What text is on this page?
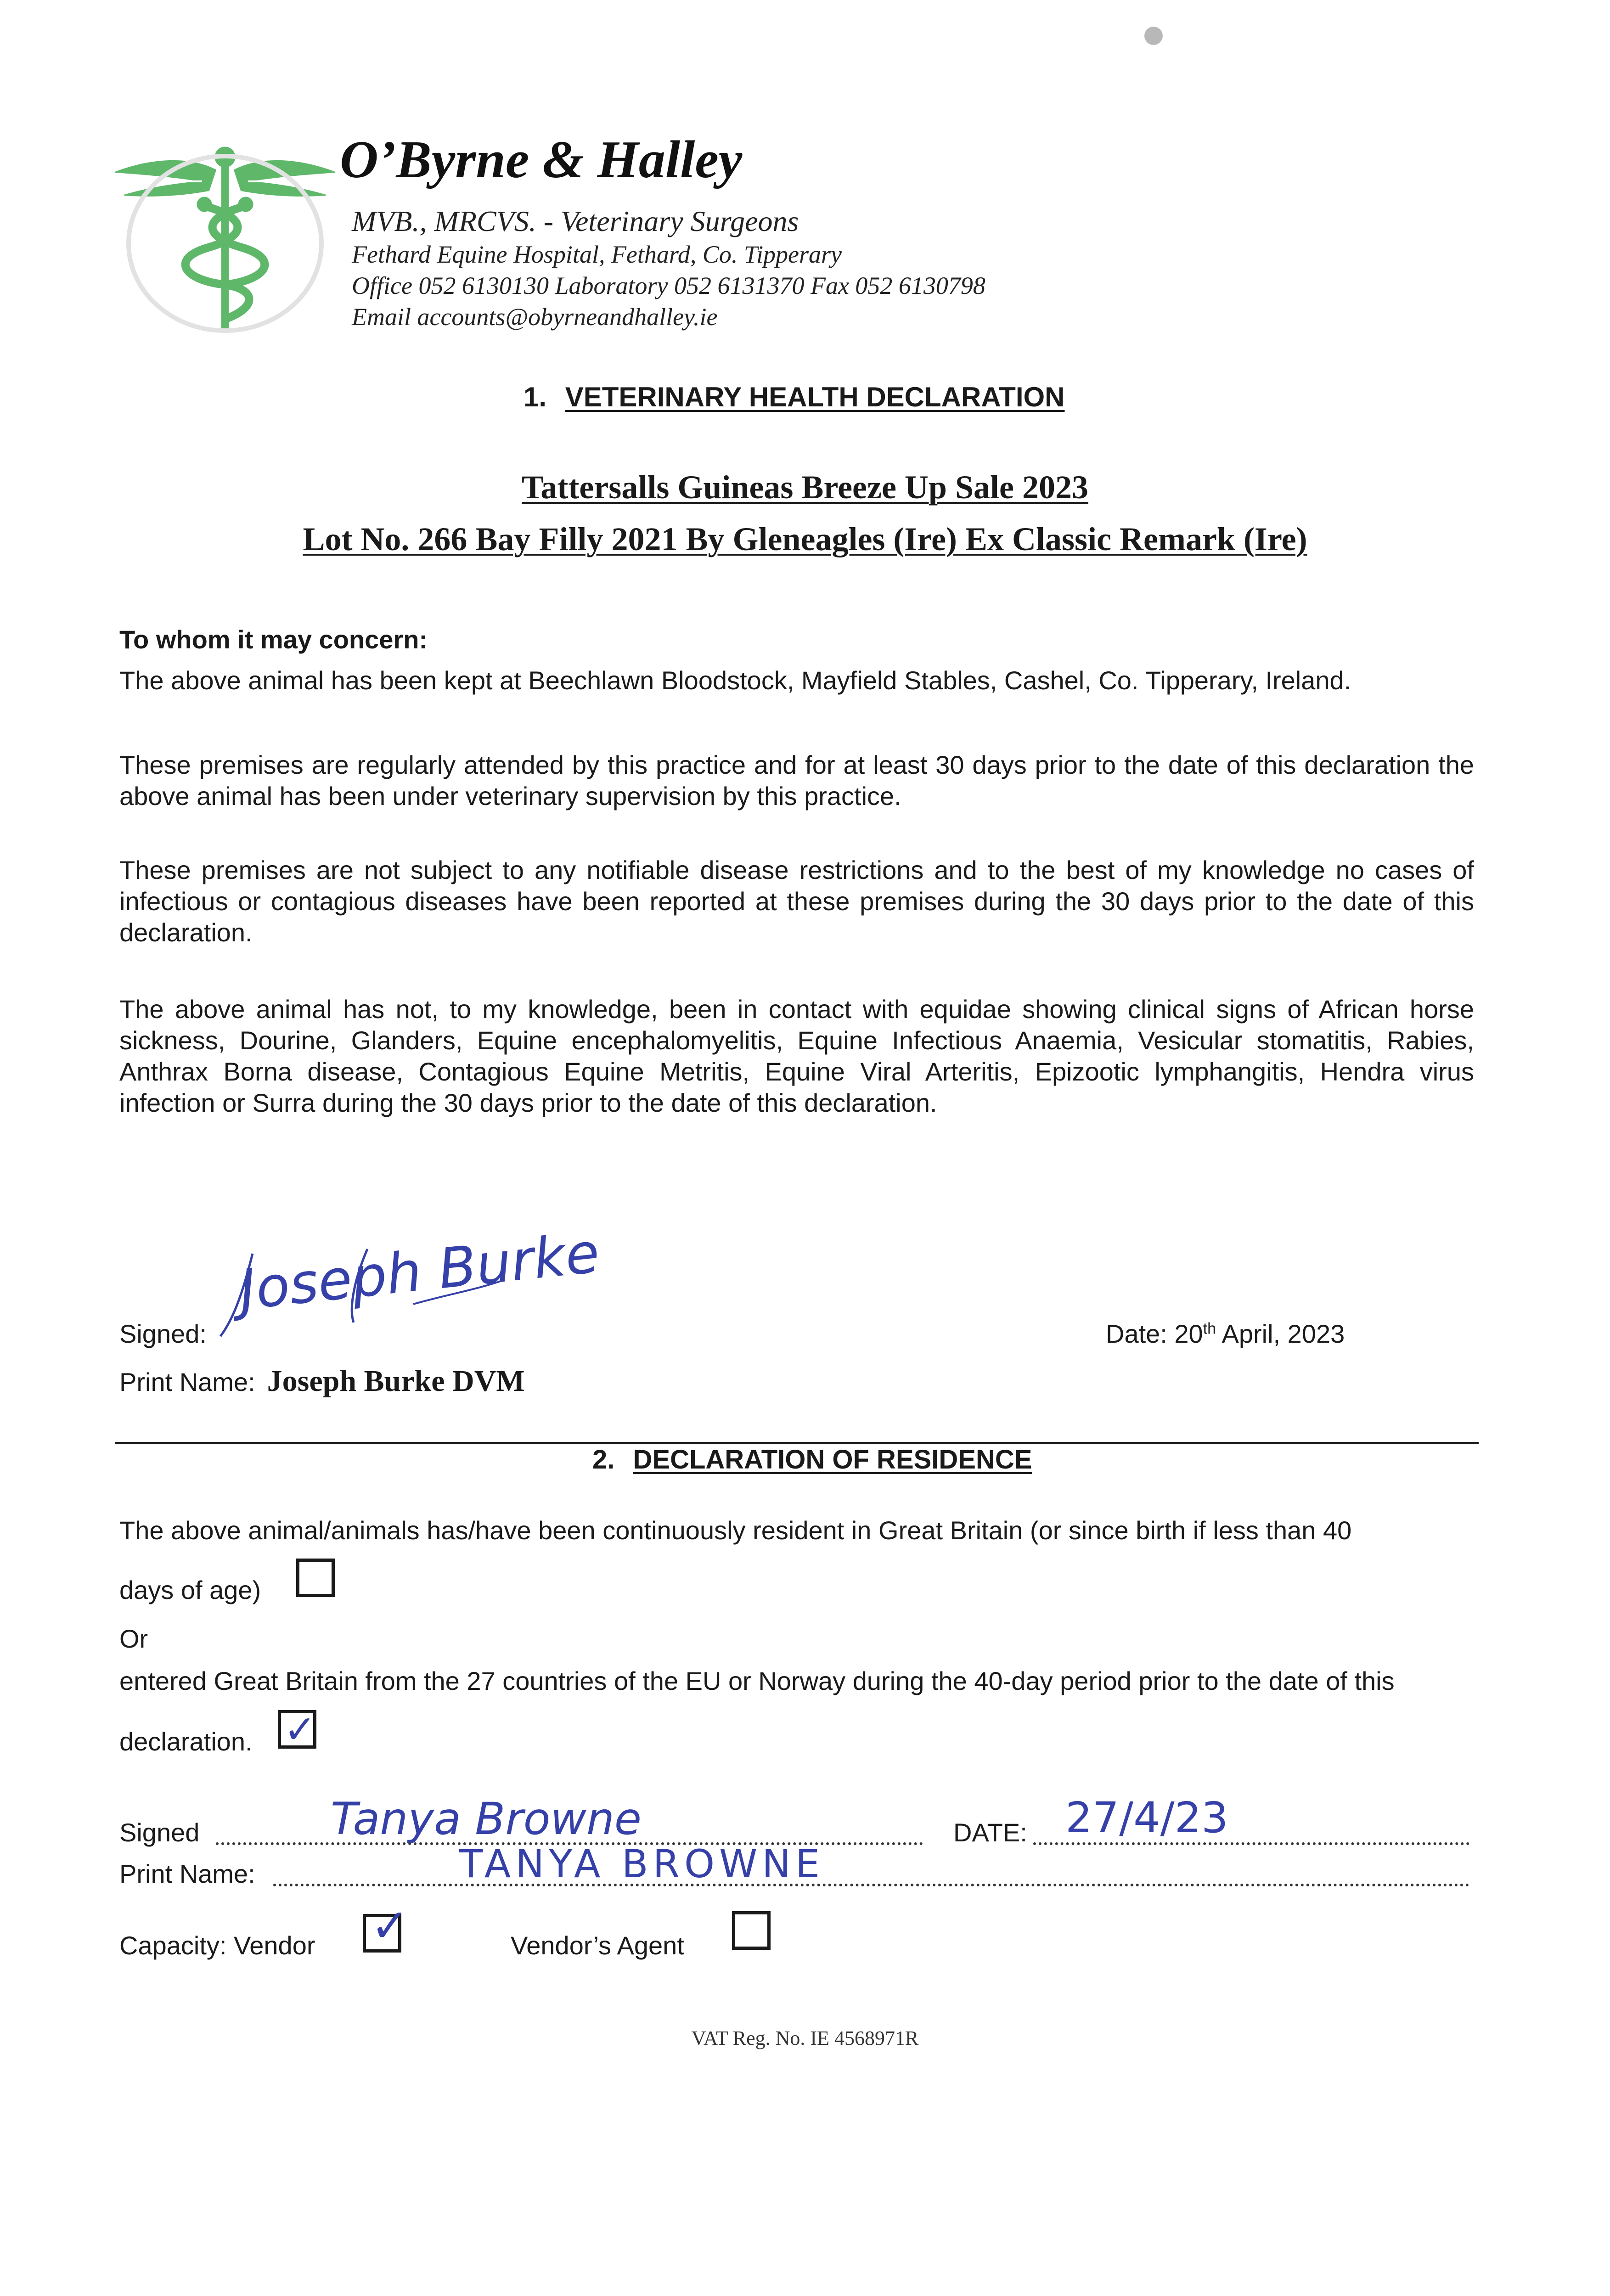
O’Byrne & Halley
MVB., MRCVS. - Veterinary Surgeons
Fethard Equine Hospital, Fethard, Co. Tipperary
Office 052 6130130 Laboratory 052 6131370 Fax 052 6130798
Email accounts@obyrneandhalley.ie
1. VETERINARY HEALTH DECLARATION
Tattersalls Guineas Breeze Up Sale 2023
Lot No. 266 Bay Filly 2021 By Gleneagles (Ire) Ex Classic Remark (Ire)
To whom it may concern:
The above animal has been kept at Beechlawn Bloodstock, Mayfield Stables, Cashel, Co. Tipperary, Ireland.
These premises are regularly attended by this practice and for at least 30 days prior to the date of this declaration the above animal has been under veterinary supervision by this practice.
These premises are not subject to any notifiable disease restrictions and to the best of my knowledge no cases of infectious or contagious diseases have been reported at these premises during the 30 days prior to the date of this declaration.
The above animal has not, to my knowledge, been in contact with equidae showing clinical signs of African horse sickness, Dourine, Glanders, Equine encephalomyelitis, Equine Infectious Anaemia, Vesicular stomatitis, Rabies, Anthrax Borna disease, Contagious Equine Metritis, Equine Viral Arteritis, Epizootic lymphangitis, Hendra virus infection or Surra during the 30 days prior to the date of this declaration.
Signed:
Joseph Burke
Date: 20th April, 2023
Print Name: Joseph Burke DVM
2. DECLARATION OF RESIDENCE
The above animal/animals has/have been continuously resident in Great Britain (or since birth if less than 40
days of age)
Or
entered Great Britain from the 27 countries of the EU or Norway during the 40-day period prior to the date of this
declaration. ✓
Signed	Tanya Browne	DATE: 27/4/23
Print Name:	TANYA BROWNE
Capacity: Vendor ✓	Vendor’s Agent
VAT Reg. No. IE 4568971R
